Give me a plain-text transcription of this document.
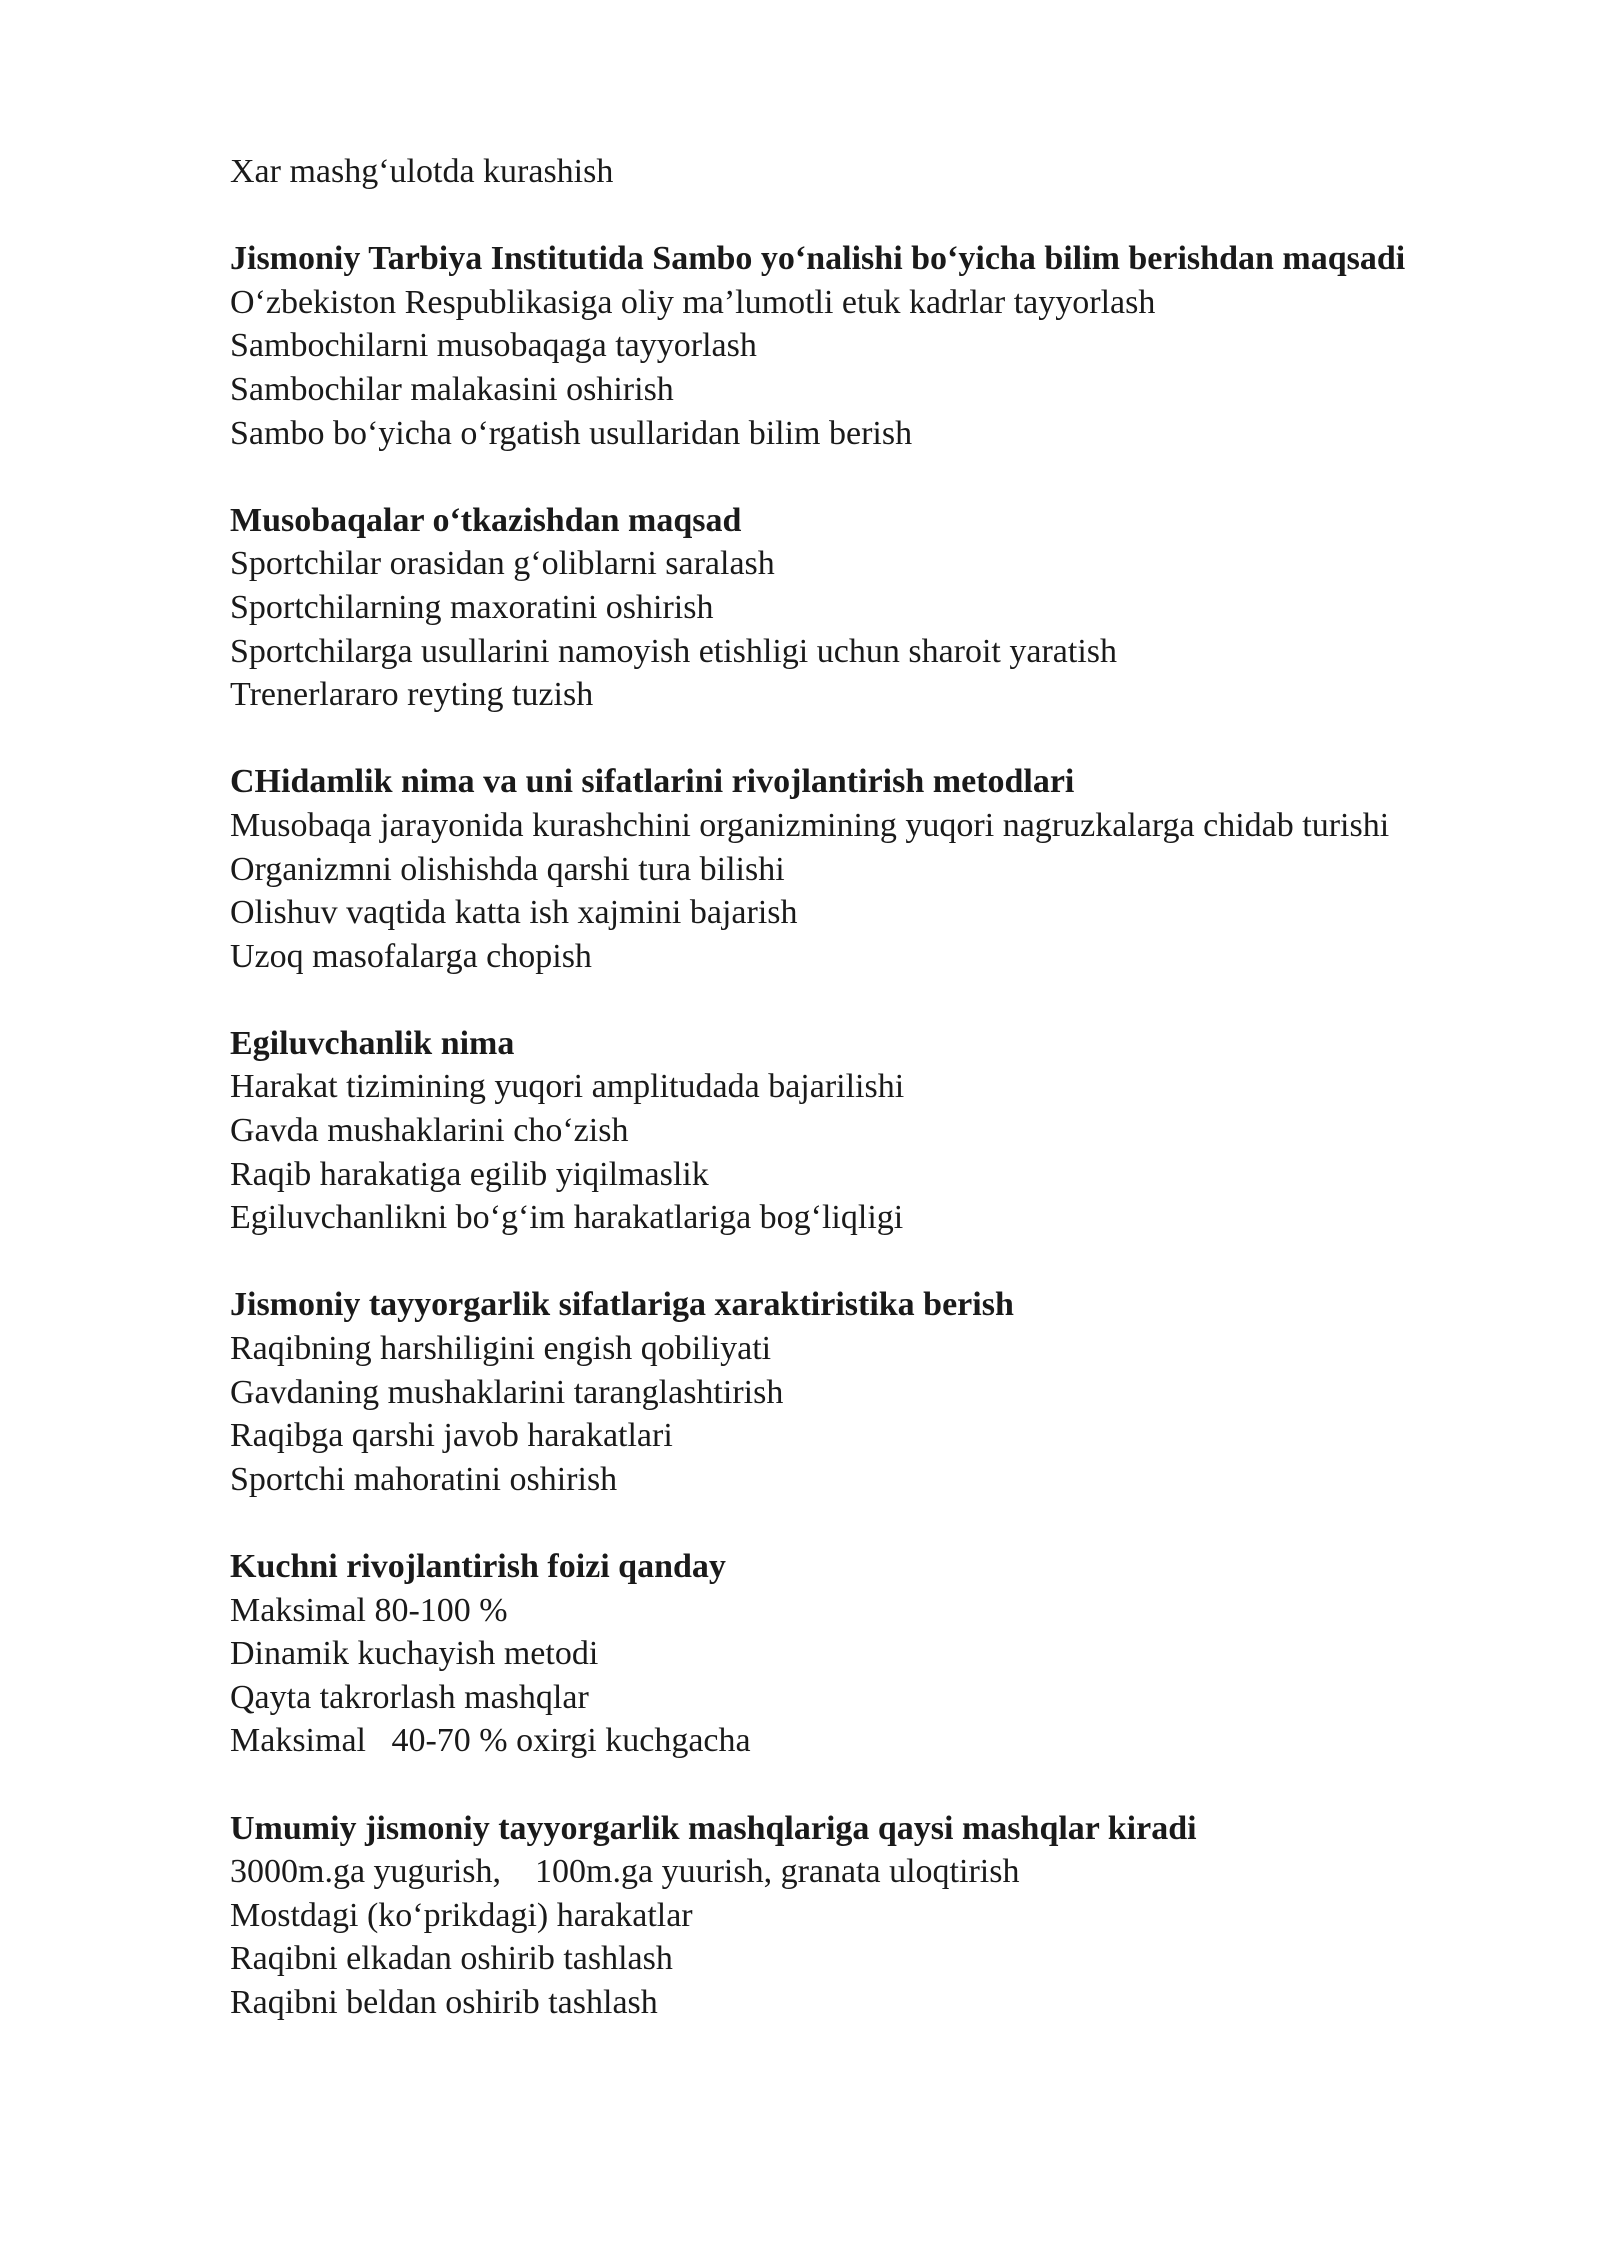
Xar mashg‘ulotda kurashish

Jismoniy Tarbiya Institutida Sambo yo‘nalishi bo‘yicha bilim berishdan maqsadi

O‘zbekiston Respublikasiga oliy ma’lumotli etuk kadrlar tayyorlash

Sambochilarni musobaqaga tayyorlash

Sambochilar malakasini oshirish

Sambo bo‘yicha o‘rgatish usullaridan bilim berish

Musobaqalar o‘tkazishdan maqsad

Sportchilar orasidan g‘oliblarni saralash

Sportchilarning maxoratini oshirish

Sportchilarga usullarini namoyish etishligi uchun sharoit yaratish

Trenerlararo reyting tuzish

CHidamlik nima va uni sifatlarini rivojlantirish metodlari

Musobaqa jarayonida kurashchini organizmining yuqori nagruzkalarga chidab turishi

Organizmni olishishda qarshi tura bilishi

Olishuv vaqtida katta ish xajmini bajarish

Uzoq masofalarga chopish

Egiluvchanlik nima

Harakat tizimining yuqori amplitudada bajarilishi

Gavda mushaklarini cho‘zish

Raqib harakatiga egilib yiqilmaslik

Egiluvchanlikni bo‘g‘im harakatlariga bog‘liqligi

Jismoniy tayyorgarlik sifatlariga xaraktiristika berish

Raqibning harshiligini engish qobiliyati

Gavdaning mushaklarini taranglashtirish

Raqibga qarshi javob harakatlari

Sportchi mahoratini oshirish

Kuchni rivojlantirish foizi qanday

Maksimal 80-100 %

Dinamik kuchayish metodi

Qayta takrorlash mashqlar

Maksimal   40-70 % oxirgi kuchgacha

Umumiy jismoniy tayyorgarlik mashqlariga qaysi mashqlar kiradi

3000m.ga yugurish,    100m.ga yuurish, granata uloqtirish

Mostdagi (ko‘prikdagi) harakatlar

Raqibni elkadan oshirib tashlash

Raqibni beldan oshirib tashlash
